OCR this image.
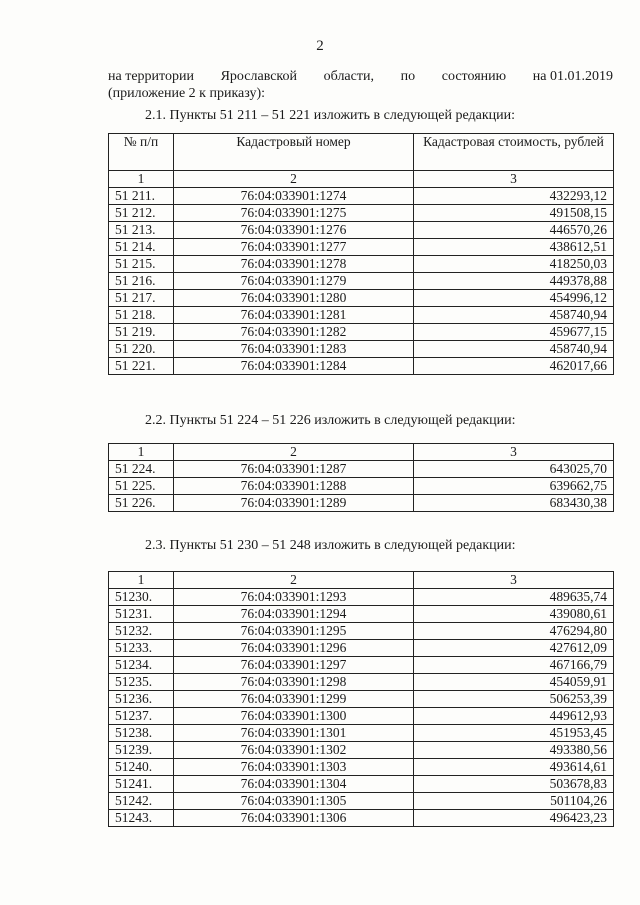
2
на территории Ярославской области, по состоянию на 01.01.2019
(приложение 2 к приказу):
2.1. Пункты 51 211 – 51 221 изложить в следующей редакции:
№ п/п	Кадастровый номер	Кадастровая стоимость, рублей
1	2	3
51 211.	76:04:033901:1274	432293,12
51 212.	76:04:033901:1275	491508,15
51 213.	76:04:033901:1276	446570,26
51 214.	76:04:033901:1277	438612,51
51 215.	76:04:033901:1278	418250,03
51 216.	76:04:033901:1279	449378,88
51 217.	76:04:033901:1280	454996,12
51 218.	76:04:033901:1281	458740,94
51 219.	76:04:033901:1282	459677,15
51 220.	76:04:033901:1283	458740,94
51 221.	76:04:033901:1284	462017,66
2.2. Пункты 51 224 – 51 226 изложить в следующей редакции:
1	2	3
51 224.	76:04:033901:1287	643025,70
51 225.	76:04:033901:1288	639662,75
51 226.	76:04:033901:1289	683430,38
2.3. Пункты 51 230 – 51 248 изложить в следующей редакции:
1	2	3
51230.	76:04:033901:1293	489635,74
51231.	76:04:033901:1294	439080,61
51232.	76:04:033901:1295	476294,80
51233.	76:04:033901:1296	427612,09
51234.	76:04:033901:1297	467166,79
51235.	76:04:033901:1298	454059,91
51236.	76:04:033901:1299	506253,39
51237.	76:04:033901:1300	449612,93
51238.	76:04:033901:1301	451953,45
51239.	76:04:033901:1302	493380,56
51240.	76:04:033901:1303	493614,61
51241.	76:04:033901:1304	503678,83
51242.	76:04:033901:1305	501104,26
51243.	76:04:033901:1306	496423,23
